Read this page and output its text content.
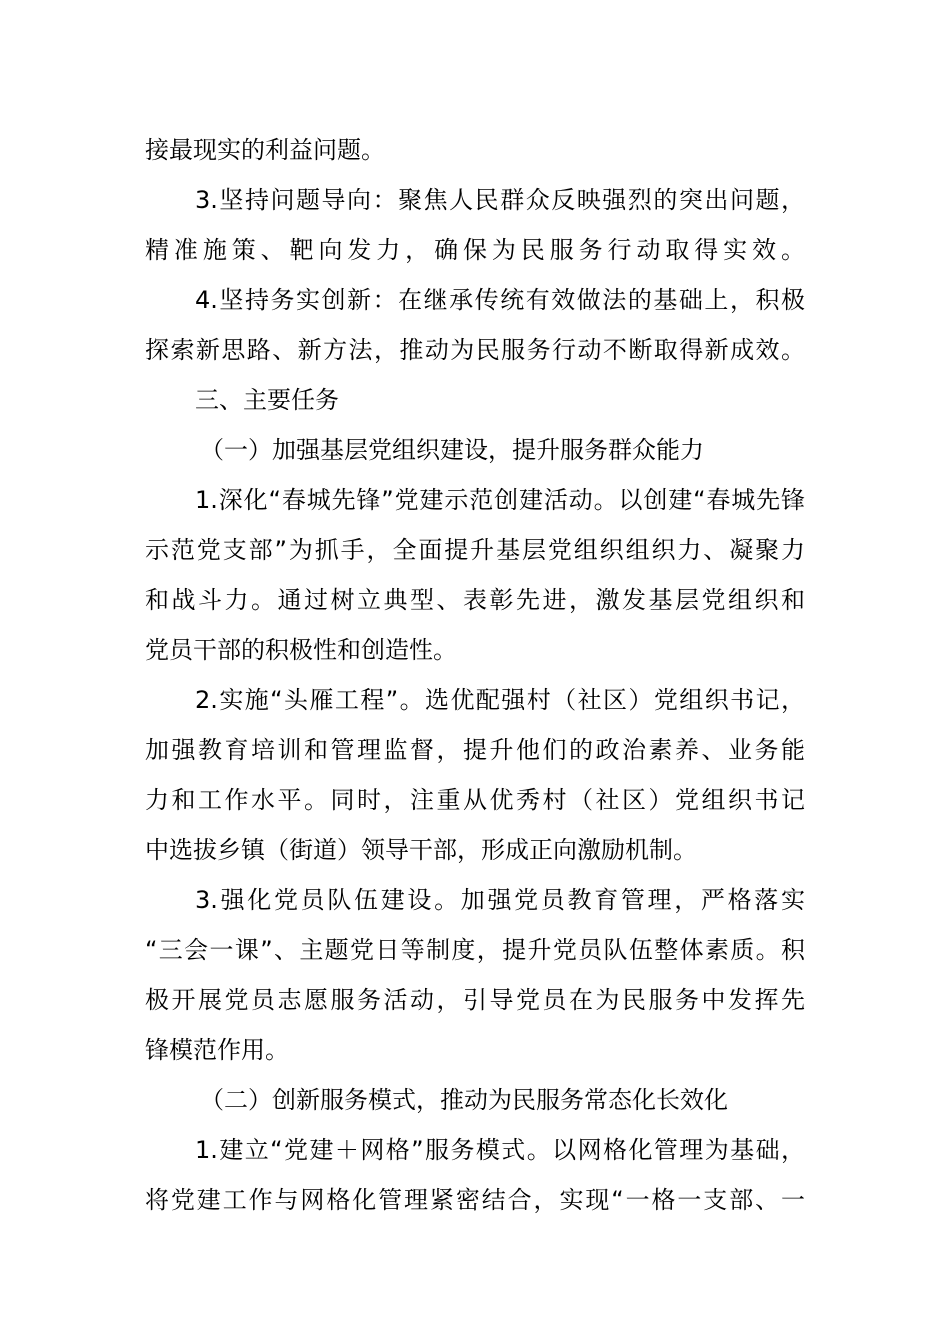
接最现实的利益问题。
3.坚持问题导向：聚焦人民群众反映强烈的突出问题，
精准施策、靶向发力，确保为民服务行动取得实效。
4.坚持务实创新：在继承传统有效做法的基础上，积极
探索新思路、新方法，推动为民服务行动不断取得新成效。
三、主要任务
（一）加强基层党组织建设，提升服务群众能力
1.深化“春城先锋”党建示范创建活动。以创建“春城先锋
示范党支部”为抓手，全面提升基层党组织组织力、凝聚力
和战斗力。通过树立典型、表彰先进，激发基层党组织和
党员干部的积极性和创造性。
2.实施“头雁工程”。选优配强村（社区）党组织书记，
加强教育培训和管理监督，提升他们的政治素养、业务能
力和工作水平。同时，注重从优秀村（社区）党组织书记
中选拔乡镇（街道）领导干部，形成正向激励机制。
3.强化党员队伍建设。加强党员教育管理，严格落实
“三会一课”、主题党日等制度，提升党员队伍整体素质。积
极开展党员志愿服务活动，引导党员在为民服务中发挥先
锋模范作用。
（二）创新服务模式，推动为民服务常态化长效化
1.建立“党建＋网格”服务模式。以网格化管理为基础，
将党建工作与网格化管理紧密结合，实现“一格一支部、一
